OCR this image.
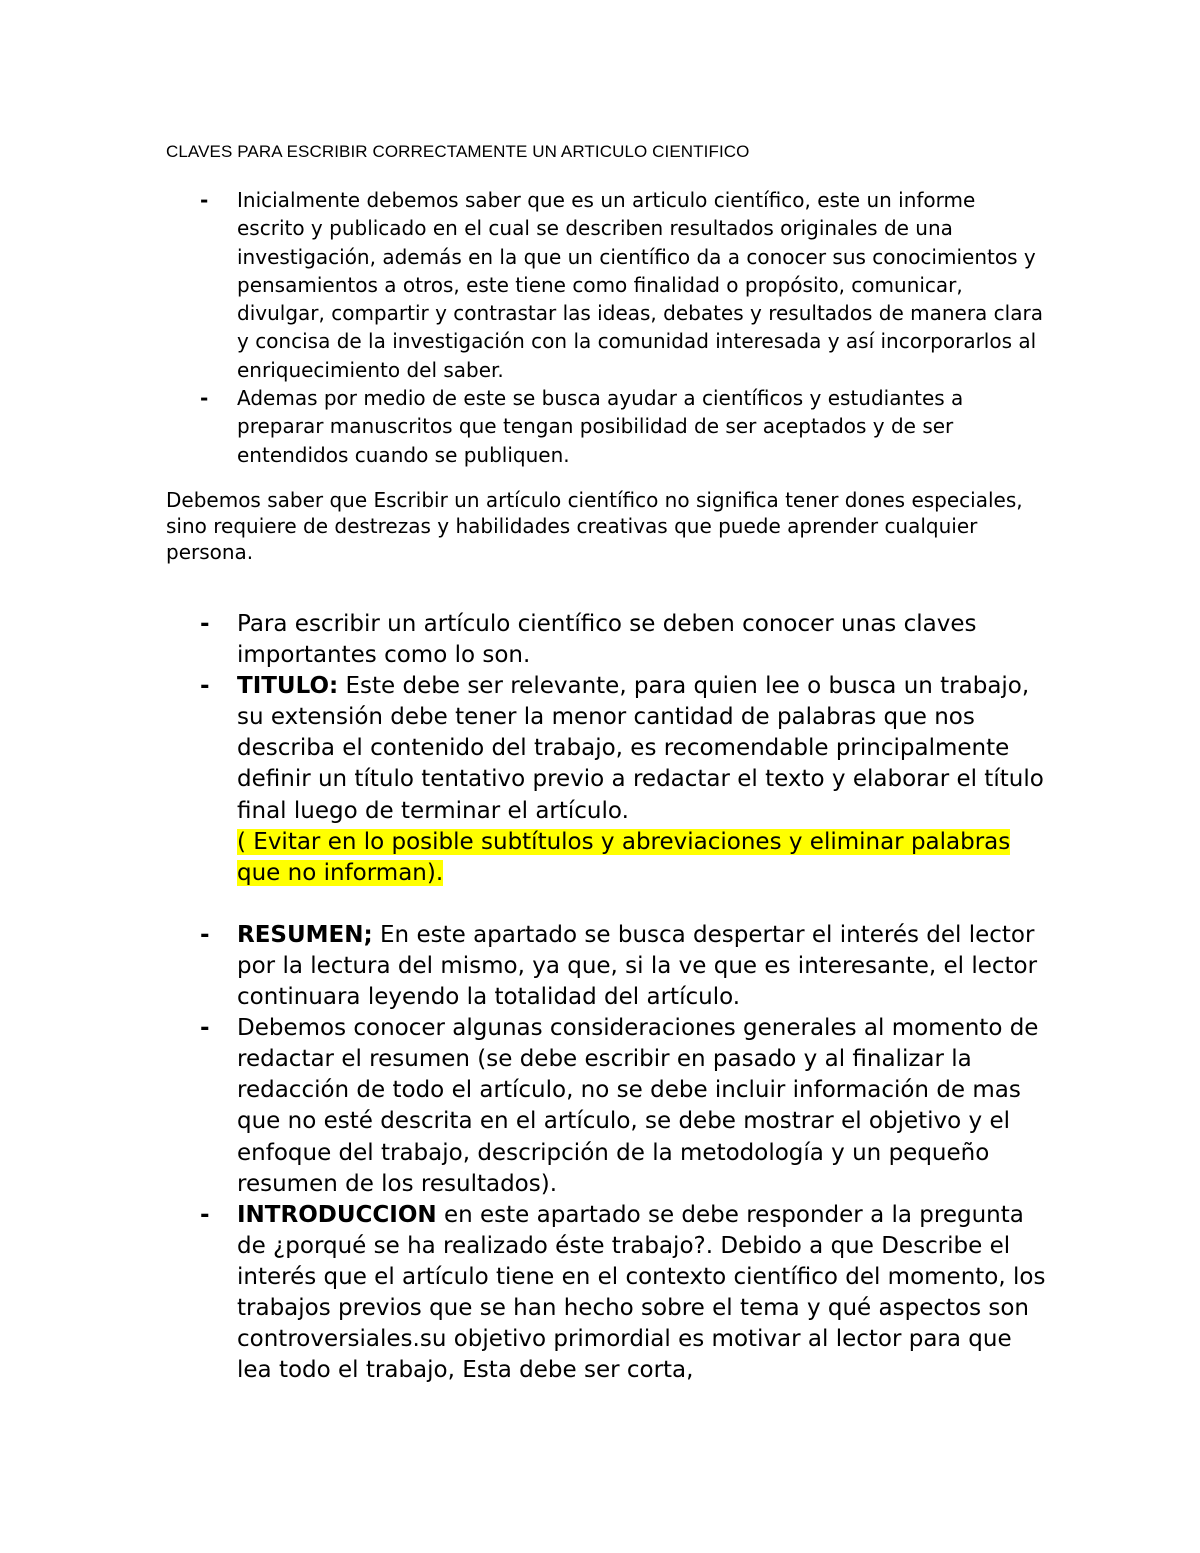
CLAVES PARA ESCRIBIR CORRECTAMENTE UN ARTICULO CIENTIFICO
- Inicialmente debemos saber que es un articulo científico, este un informe escrito y publicado en el cual se describen resultados originales de una investigación, además en la que un científico da a conocer sus conocimientos y pensamientos a otros, este tiene como finalidad o propósito, comunicar, divulgar, compartir y contrastar las ideas, debates y resultados de manera clara y concisa de la investigación con la comunidad interesada y así incorporarlos al enriquecimiento del saber.
- Ademas por medio de este se busca ayudar a científicos y estudiantes a preparar manuscritos que tengan posibilidad de ser aceptados y de ser entendidos cuando se publiquen.
Debemos saber que Escribir un artículo científico no significa tener dones especiales, sino requiere de destrezas y habilidades creativas que puede aprender cualquier persona.
- Para escribir un artículo científico se deben conocer unas claves importantes como lo son.
- TITULO: Este debe ser relevante, para quien lee o busca un trabajo, su extensión debe tener la menor cantidad de palabras que nos describa el contenido del trabajo, es recomendable principalmente definir un título tentativo previo a redactar el texto y elaborar el título final luego de terminar el artículo.
( Evitar en lo posible subtítulos y abreviaciones y eliminar palabras que no informan).
- RESUMEN; En este apartado se busca despertar el interés del lector por la lectura del mismo, ya que, si la ve que es interesante, el lector continuara leyendo la totalidad del artículo.
- Debemos conocer algunas consideraciones generales al momento de redactar el resumen (se debe escribir en pasado y al finalizar la redacción de todo el artículo, no se debe incluir información de mas que no esté descrita en el artículo, se debe mostrar el objetivo y el enfoque del trabajo, descripción de la metodología y un pequeño resumen de los resultados).
- INTRODUCCION en este apartado se debe responder a la pregunta de ¿porqué se ha realizado éste trabajo?. Debido a que Describe el interés que el artículo tiene en el contexto científico del momento, los trabajos previos que se han hecho sobre el tema y qué aspectos son controversiales.su objetivo primordial es motivar al lector para que lea todo el trabajo, Esta debe ser corta,
